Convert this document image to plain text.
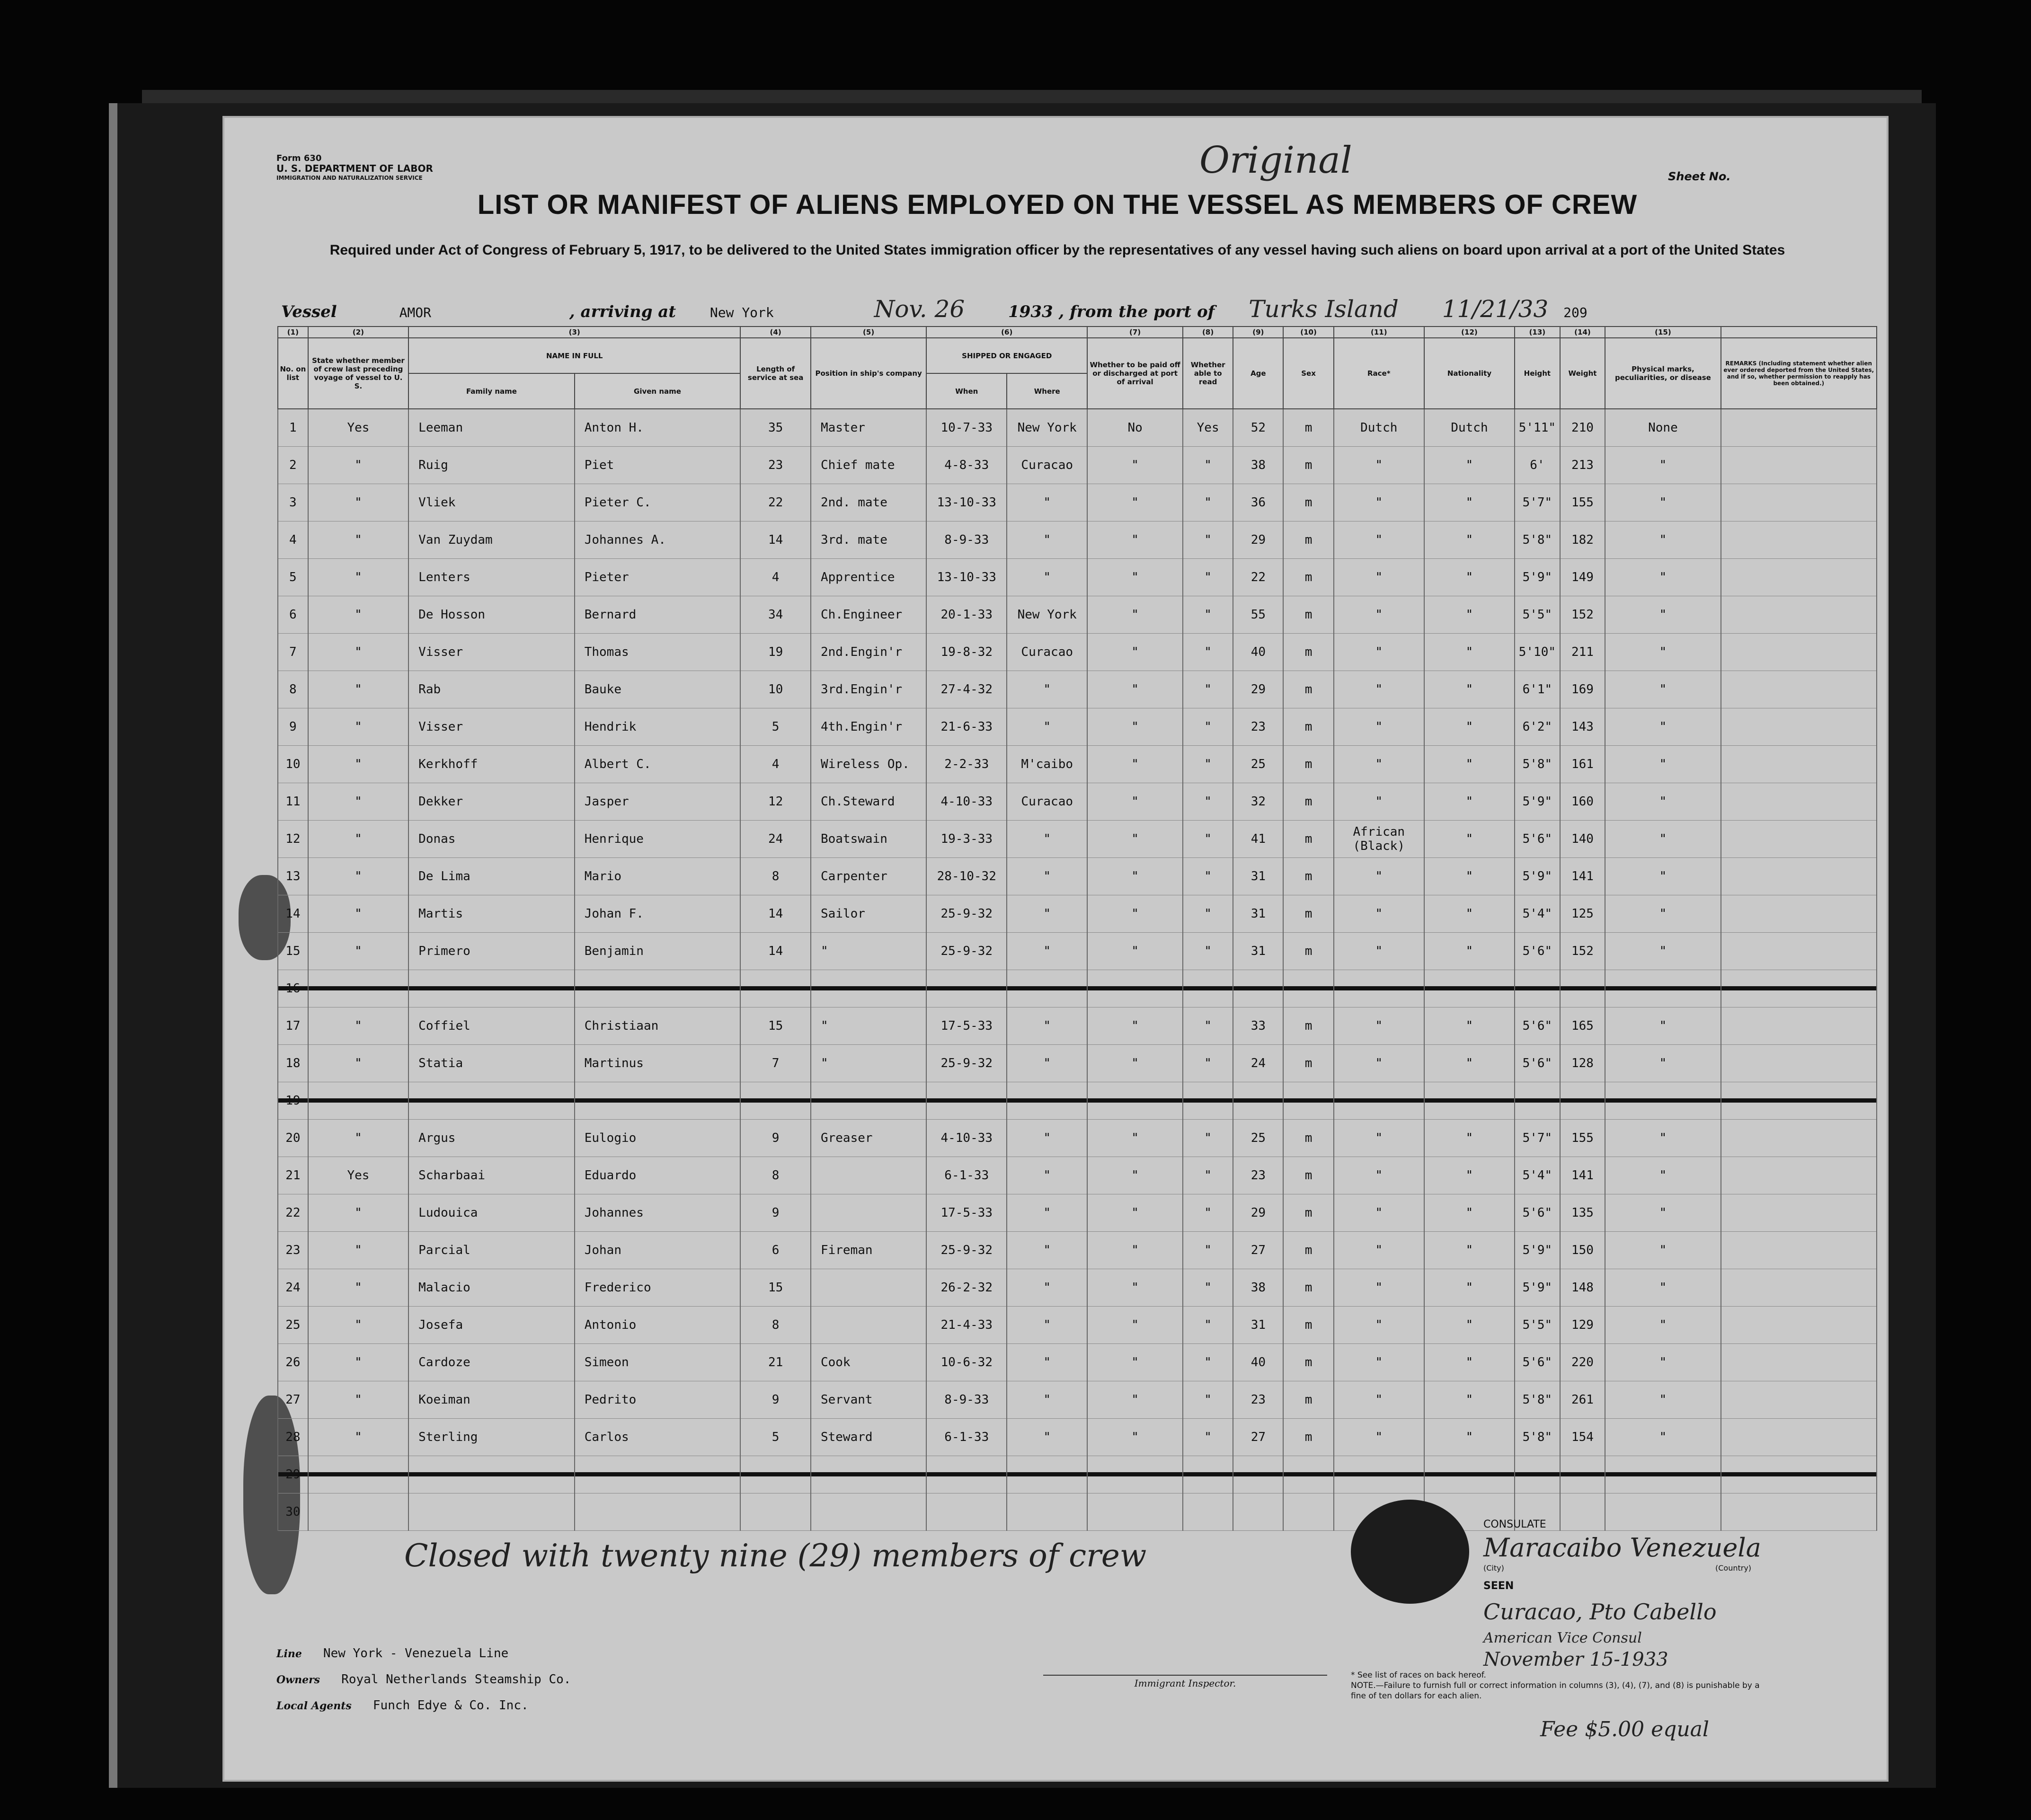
Form 630
U. S. DEPARTMENT OF LABOR
IMMIGRATION AND NATURALIZATION SERVICE	Original	Sheet No.
LIST OR MANIFEST OF ALIENS EMPLOYED ON THE VESSEL AS MEMBERS OF CREW
Required under Act of Congress of February 5, 1917, to be delivered to the United States immigration officer by the representatives of any vessel having such aliens on board upon arrival at a port of the United States
Vessel	AMOR	, arriving at	New York	Nov. 26	1933 , from the port of Turks Island 11/21/33 209
(1)	(2)	(3)		(4)	(5)	(6)		(7)	(8)	(9)	(10)	(11)	(12)	(13)	(14)	(15)	
No. on list	State whether member of crew last preceding voyage of vessel to U. S.	NAME IN FULL		Length of service at sea	Position in ship's company	SHIPPED OR ENGAGED		Whether to be paid off or discharged at port of arrival	Whether able to read	Age	Sex	Race*	Nationality	Height	Weight	Physical marks, peculiarities, or disease	REMARKS (Including statement whether alien ever ordered deported from the United States, and if so, whether permission to reapply has been obtained.)
		Family name	Given name			When	Where										
1	Yes	Leeman	Anton H.	35	Master	10-7-33	New York	No	Yes	52	m	Dutch	Dutch	5'11"	210	None	
2	"	Ruig	Piet	23	Chief mate	4-8-33	Curacao	"	"	38	m	"	"	6'	213	"	
3	"	Vliek	Pieter C.	22	2nd. mate	13-10-33	"	"	"	36	m	"	"	5'7"	155	"	
4	"	Van Zuydam	Johannes A.	14	3rd. mate	8-9-33	"	"	"	29	m	"	"	5'8"	182	"	
5	"	Lenters	Pieter	4	Apprentice	13-10-33	"	"	"	22	m	"	"	5'9"	149	"	
6	"	De Hosson	Bernard	34	Ch.Engineer	20-1-33	New York	"	"	55	m	"	"	5'5"	152	"	
7	"	Visser	Thomas	19	2nd.Engin'r	19-8-32	Curacao	"	"	40	m	"	"	5'10"	211	"	
8	"	Rab	Bauke	10	3rd.Engin'r	27-4-32	"	"	"	29	m	"	"	6'1"	169	"	
9	"	Visser	Hendrik	5	4th.Engin'r	21-6-33	"	"	"	23	m	"	"	6'2"	143	"	
10	"	Kerkhoff	Albert C.	4	Wireless Op.	2-2-33	M'caibo	"	"	25	m	"	"	5'8"	161	"	
11	"	Dekker	Jasper	12	Ch.Steward	4-10-33	Curacao	"	"	32	m	"	"	5'9"	160	"	
12	"	Donas	Henrique	24	Boatswain	19-3-33	"	"	"	41	m	African (Black)	"	5'6"	140	"	
13	"	De Lima	Mario	8	Carpenter	28-10-32	"	"	"	31	m	"	"	5'9"	141	"	
14	"	Martis	Johan F.	14	Sailor	25-9-32	"	"	"	31	m	"	"	5'4"	125	"	
15	"	Primero	Benjamin	14	"	25-9-32	"	"	"	31	m	"	"	5'6"	152	"	
16																	
17	"	Coffiel	Christiaan	15	"	17-5-33	"	"	"	33	m	"	"	5'6"	165	"	
18	"	Statia	Martinus	7	"	25-9-32	"	"	"	24	m	"	"	5'6"	128	"	
19																	
20	"	Argus	Eulogio	9	Greaser	4-10-33	"	"	"	25	m	"	"	5'7"	155	"	
21	Yes	Scharbaai	Eduardo	8		6-1-33	"	"	"	23	m	"	"	5'4"	141	"	
22	"	Ludouica	Johannes	9		17-5-33	"	"	"	29	m	"	"	5'6"	135	"	
23	"	Parcial	Johan	6	Fireman	25-9-32	"	"	"	27	m	"	"	5'9"	150	"	
24	"	Malacio	Frederico	15		26-2-32	"	"	"	38	m	"	"	5'9"	148	"	
25	"	Josefa	Antonio	8		21-4-33	"	"	"	31	m	"	"	5'5"	129	"	
26	"	Cardoze	Simeon	21	Cook	10-6-32	"	"	"	40	m	"	"	5'6"	220	"	
27	"	Koeiman	Pedrito	9	Servant	8-9-33	"	"	"	23	m	"	"	5'8"	261	"	
28	"	Sterling	Carlos	5	Steward	6-1-33	"	"	"	27	m	"	"	5'8"	154	"	
29																	
30																	
Closed with twenty nine (29) members of crew
CONSULATE
Maracaibo Venezuela
(City)	(Country)
SEEN
Curacao, Pto Cabello
American Vice Consul
November 15-1933
Fee $5.00 equal
Line New York - Venezuela Line
Owners Royal Netherlands Steamship Co.
Local Agents Funch Edye & Co. Inc.
Immigrant Inspector.
* See list of races on back hereof.
NOTE.—Failure to furnish full or correct information in columns (3), (4), (7), and (8) is punishable by a fine of ten dollars for each alien.
